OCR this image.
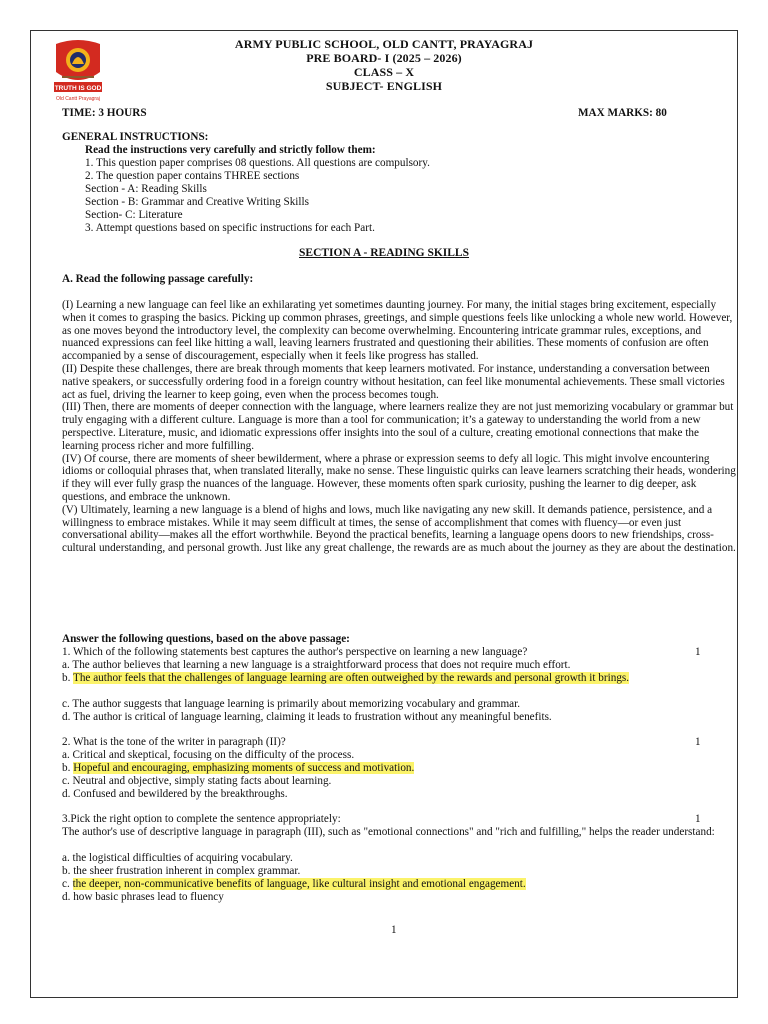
TRUTH IS GOD
Old Cantt Prayagraj
ARMY PUBLIC SCHOOL, OLD CANTT, PRAYAGRAJ
PRE BOARD- I (2025 – 2026)
CLASS – X
SUBJECT- ENGLISH
TIME: 3 HOURS	MAX MARKS: 80
GENERAL INSTRUCTIONS:
Read the instructions very carefully and strictly follow them:
1. This question paper comprises 08 questions. All questions are compulsory.
2. The question paper contains THREE sections
Section - A: Reading Skills
Section - B: Grammar and Creative Writing Skills
Section- C: Literature
3. Attempt questions based on specific instructions for each Part.
SECTION A - READING SKILLS
A. Read the following passage carefully:
(I) Learning a new language can feel like an exhilarating yet sometimes daunting journey. For many, the initial stages bring excitement, especially when it comes to grasping the basics. Picking up common phrases, greetings, and simple questions feels like unlocking a whole new world. However, as one moves beyond the introductory level, the complexity can become overwhelming. Encountering intricate grammar rules, exceptions, and nuanced expressions can feel like hitting a wall, leaving learners frustrated and questioning their abilities. These moments of confusion are often accompanied by a sense of discouragement, especially when it feels like progress has stalled.
(II) Despite these challenges, there are break through moments that keep learners motivated. For instance, understanding a conversation between native speakers, or successfully ordering food in a foreign country without hesitation, can feel like monumental achievements. These small victories act as fuel, driving the learner to keep going, even when the process becomes tough.
(III) Then, there are moments of deeper connection with the language, where learners realize they are not just memorizing vocabulary or grammar but truly engaging with a different culture. Language is more than a tool for communication; it’s a gateway to understanding the world from a new perspective. Literature, music, and idiomatic expressions offer insights into the soul of a culture, creating emotional connections that make the learning process richer and more fulfilling.
(IV) Of course, there are moments of sheer bewilderment, where a phrase or expression seems to defy all logic. This might involve encountering idioms or colloquial phrases that, when translated literally, make no sense. These linguistic quirks can leave learners scratching their heads, wondering if they will ever fully grasp the nuances of the language. However, these moments often spark curiosity, pushing the learner to dig deeper, ask questions, and embrace the unknown.
(V) Ultimately, learning a new language is a blend of highs and lows, much like navigating any new skill. It demands patience, persistence, and a willingness to embrace mistakes. While it may seem difficult at times, the sense of accomplishment that comes with fluency—or even just conversational ability—makes all the effort worthwhile. Beyond the practical benefits, learning a language opens doors to new friendships, cross-cultural understanding, and personal growth. Just like any great challenge, the rewards are as much about the journey as they are about the destination.
Answer the following questions, based on the above passage:
1. Which of the following statements best captures the author's perspective on learning a new language?	1
a. The author believes that learning a new language is a straightforward process that does not require much effort.
b. The author feels that the challenges of language learning are often outweighed by the rewards and personal growth it brings.
c. The author suggests that language learning is primarily about memorizing vocabulary and grammar.
d. The author is critical of language learning, claiming it leads to frustration without any meaningful benefits.
2. What is the tone of the writer in paragraph (II)?	1
a. Critical and skeptical, focusing on the difficulty of the process.
b. Hopeful and encouraging, emphasizing moments of success and motivation.
c. Neutral and objective, simply stating facts about learning.
d. Confused and bewildered by the breakthroughs.
3.Pick the right option to complete the sentence appropriately:	1
The author's use of descriptive language in paragraph (III), such as "emotional connections" and "rich and fulfilling," helps the reader understand:
a. the logistical difficulties of acquiring vocabulary.
b. the sheer frustration inherent in complex grammar.
c. the deeper, non-communicative benefits of language, like cultural insight and emotional engagement.
d. how basic phrases lead to fluency
1
